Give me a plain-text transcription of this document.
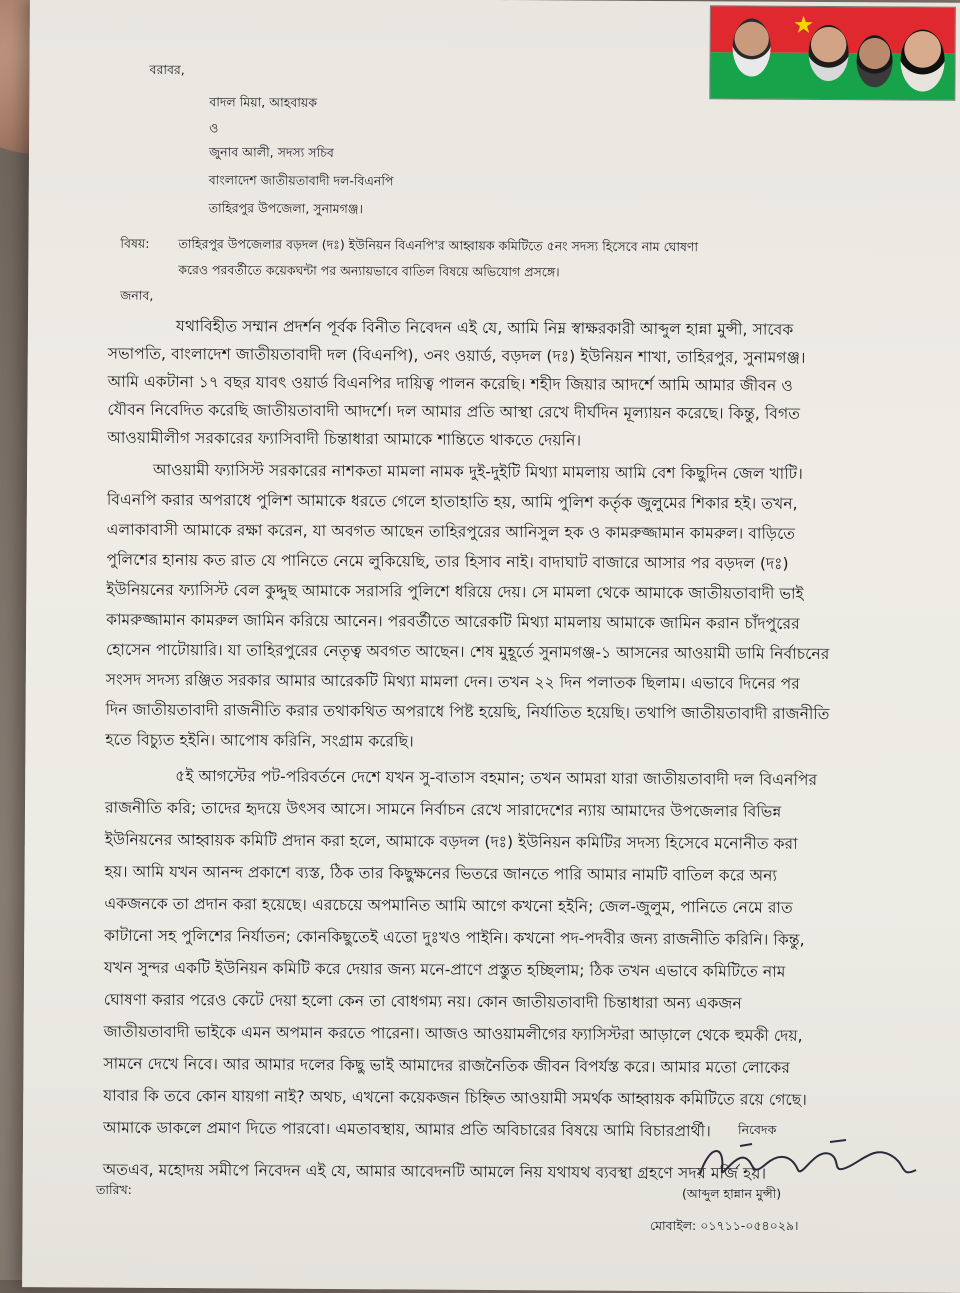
★

বরাবর,

বাদল মিয়া, আহবায়ক

ও

জুনাব আলী, সদস্য সচিব

বাংলাদেশ জাতীয়তাবাদী দল-বিএনপি

তাহিরপুর উপজেলা, সুনামগঞ্জ।

বিষয়: তাহিরপুর উপজেলার বড়দল (দঃ) ইউনিয়ন বিএনপি'র আহ্বায়ক কমিটিতে ৫নং সদস্য হিসেবে নাম ঘোষণা

করেও পরবর্তীতে কয়েকঘন্টা পর অন্যায়ভাবে বাতিল বিষয়ে অভিযোগ প্রসঙ্গে।

জনাব,

যথাবিহীত সম্মান প্রদর্শন পূর্বক বিনীত নিবেদন এই যে, আমি নিম্ন স্বাক্ষরকারী আব্দুল হান্না মুন্সী, সাবেক

সভাপতি, বাংলাদেশ জাতীয়তাবাদী দল (বিএনপি), ৩নং ওয়ার্ড, বড়দল (দঃ) ইউনিয়ন শাখা, তাহিরপুর, সুনামগঞ্জ।

আমি একটানা ১৭ বছর যাবৎ ওয়ার্ড বিএনপির দায়িত্ব পালন করেছি। শহীদ জিয়ার আদর্শে আমি আমার জীবন ও

যৌবন নিবেদিত করেছি জাতীয়তাবাদী আদর্শে। দল আমার প্রতি আস্থা রেখে দীর্ঘদিন মূল্যায়ন করেছে। কিন্তু, বিগত

আওয়ামীলীগ সরকারের ফ্যাসিবাদী চিন্তাধারা আমাকে শান্তিতে থাকতে দেয়নি।

আওয়ামী ফ্যাসিস্ট সরকারের নাশকতা মামলা নামক দুই-দুইটি মিথ্যা মামলায় আমি বেশ কিছুদিন জেল খাটি।

বিএনপি করার অপরাধে পুলিশ আমাকে ধরতে গেলে হাতাহাতি হয়, আমি পুলিশ কর্তৃক জুলুমের শিকার হই। তখন,

এলাকাবাসী আমাকে রক্ষা করেন, যা অবগত আছেন তাহিরপুরের আনিসুল হক ও কামরুজ্জামান কামরুল। বাড়িতে

পুলিশের হানায় কত রাত যে পানিতে নেমে লুকিয়েছি, তার হিসাব নাই। বাদাঘাট বাজারে আসার পর বড়দল (দঃ)

ইউনিয়নের ফ্যাসিস্ট বেল কুদ্দুছ আমাকে সরাসরি পুলিশে ধরিয়ে দেয়। সে মামলা থেকে আমাকে জাতীয়তাবাদী ভাই

কামরুজ্জামান কামরুল জামিন করিয়ে আনেন। পরবর্তীতে আরেকটি মিথ্যা মামলায় আমাকে জামিন করান চাঁদপুরের

হোসেন পাটোয়ারি। যা তাহিরপুরের নেতৃত্ব অবগত আছেন। শেষ মুহূর্তে সুনামগঞ্জ-১ আসনের আওয়ামী ডামি নির্বাচনের

সংসদ সদস্য রঞ্জিত সরকার আমার আরেকটি মিথ্যা মামলা দেন। তখন ২২ দিন পলাতক ছিলাম। এভাবে দিনের পর

দিন জাতীয়তাবাদী রাজনীতি করার তথাকথিত অপরাধে পিষ্ট হয়েছি, নির্যাতিত হয়েছি। তথাপি জাতীয়তাবাদী রাজনীতি

হতে বিচ্যুত হইনি। আপোষ করিনি, সংগ্রাম করেছি।

৫ই আগস্টের পট-পরিবর্তনে দেশে যখন সু-বাতাস বহমান; তখন আমরা যারা জাতীয়তাবাদী দল বিএনপির

রাজনীতি করি; তাদের হৃদয়ে উৎসব আসে। সামনে নির্বাচন রেখে সারাদেশের ন্যায় আমাদের উপজেলার বিভিন্ন

ইউনিয়নের আহ্বায়ক কমিটি প্রদান করা হলে, আমাকে বড়দল (দঃ) ইউনিয়ন কমিটির সদস্য হিসেবে মনোনীত করা

হয়। আমি যখন আনন্দ প্রকাশে ব্যস্ত, ঠিক তার কিছুক্ষনের ভিতরে জানতে পারি আমার নামটি বাতিল করে অন্য

একজনকে তা প্রদান করা হয়েছে। এরচেয়ে অপমানিত আমি আগে কখনো হইনি; জেল-জুলুম, পানিতে নেমে রাত

কাটানো সহ পুলিশের নির্যাতন; কোনকিছুতেই এতো দুঃখও পাইনি। কখনো পদ-পদবীর জন্য রাজনীতি করিনি। কিন্তু,

যখন সুন্দর একটি ইউনিয়ন কমিটি করে দেয়ার জন্য মনে-প্রাণে প্রস্তুত হচ্ছিলাম; ঠিক তখন এভাবে কমিটিতে নাম

ঘোষণা করার পরেও কেটে দেয়া হলো কেন তা বোধগম্য নয়। কোন জাতীয়তাবাদী চিন্তাধারা অন্য একজন

জাতীয়তাবাদী ভাইকে এমন অপমান করতে পারেনা। আজও আওয়ামলীগের ফ্যাসিস্টরা আড়ালে থেকে হুমকী দেয়,

সামনে দেখে নিবে। আর আমার দলের কিছু ভাই আমাদের রাজনৈতিক জীবন বিপর্যস্ত করে। আমার মতো লোকের

যাবার কি তবে কোন যায়গা নাই? অথচ, এখনো কয়েকজন চিহ্নিত আওয়ামী সমর্থক আহ্বায়ক কমিটিতে রয়ে গেছে।

আমাকে ডাকলে প্রমাণ দিতে পারবো। এমতাবস্থায়, আমার প্রতি অবিচারের বিষয়ে আমি বিচারপ্রার্থী।

অতএব, মহোদয় সমীপে নিবেদন এই যে, আমার আবেদনটি আমলে নিয় যথাযথ ব্যবস্থা গ্রহণে সদয় মর্জি হয়।

নিবেদক

(আব্দুল হান্নান মুন্সী)

তারিখ:

মোবাইল: ০১৭১১-০৫৪০২৯।
